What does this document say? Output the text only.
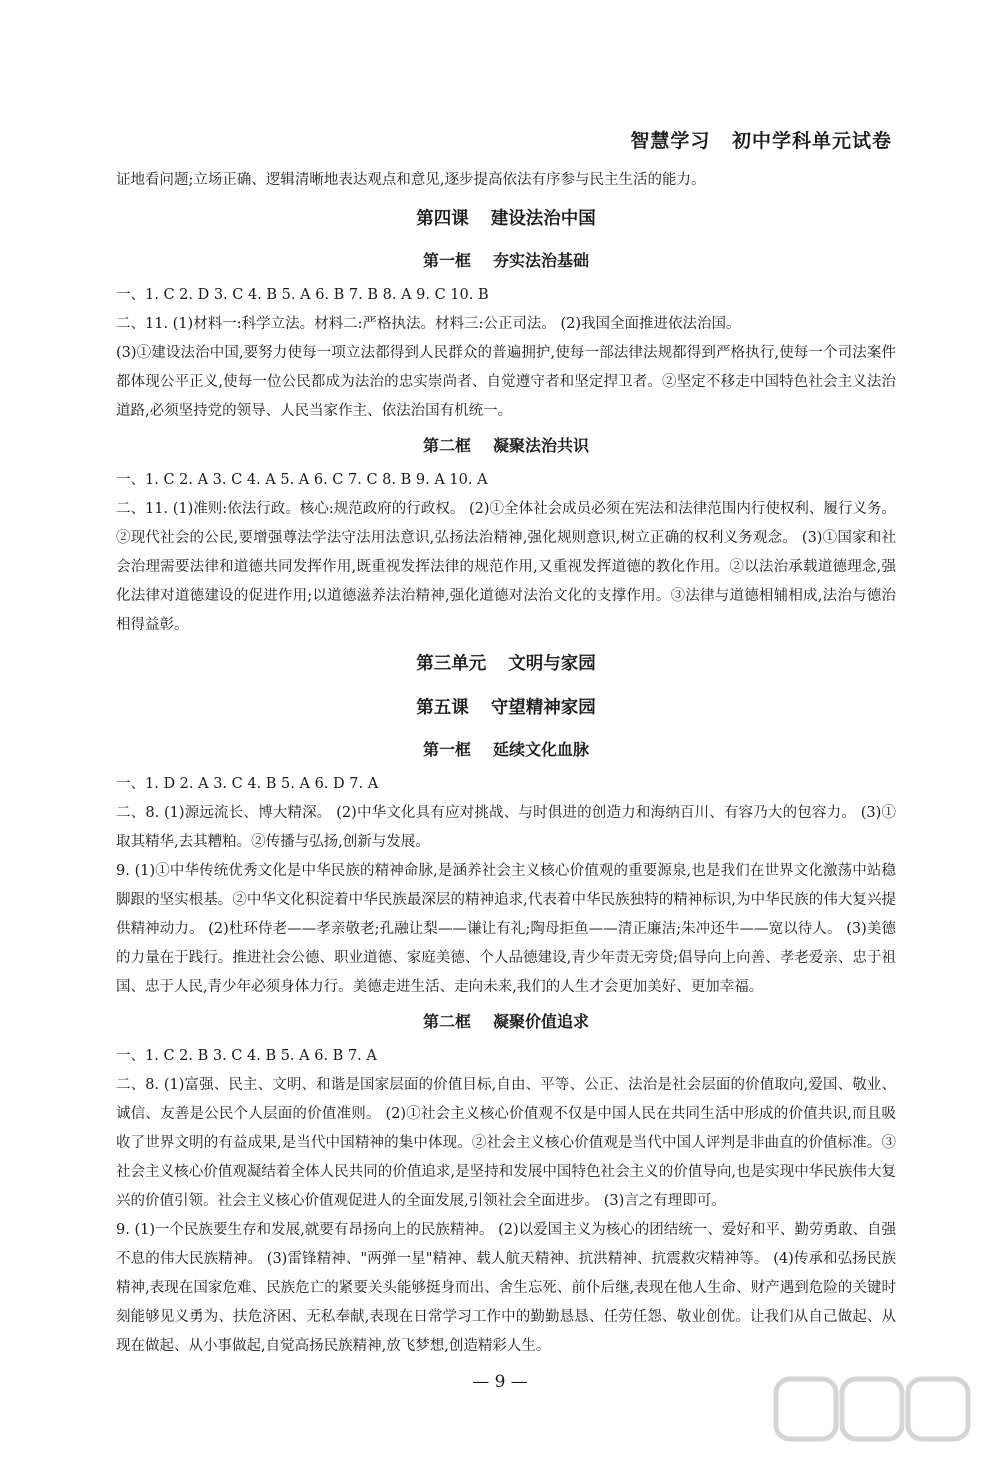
智慧学习 初中学科单元试卷

证地看问题;立场正确、逻辑清晰地表达观点和意见,逐步提高依法有序参与民主生活的能力。

第四课 建设法治中国
第一框 夯实法治基础

一、1. C 2. D 3. C 4. B 5. A 6. B 7. B 8. A 9. C 10. B

二、11. (1)材料一:科学立法。材料二:严格执法。材料三:公正司法。 (2)我国全面推进依法治国。

(3)①建设法治中国,要努力使每一项立法都得到人民群众的普遍拥护,使每一部法律法规都得到严格执行,使每一个司法案件都体现公平正义,使每一位公民都成为法治的忠实崇尚者、自觉遵守者和坚定捍卫者。②坚定不移走中国特色社会主义法治道路,必须坚持党的领导、人民当家作主、依法治国有机统一。

第二框 凝聚法治共识

一、1. C 2. A 3. C 4. A 5. A 6. C 7. C 8. B 9. A 10. A

二、11. (1)准则:依法行政。核心:规范政府的行政权。 (2)①全体社会成员必须在宪法和法律范围内行使权利、履行义务。②现代社会的公民,要增强尊法学法守法用法意识,弘扬法治精神,强化规则意识,树立正确的权利义务观念。 (3)①国家和社会治理需要法律和道德共同发挥作用,既重视发挥法律的规范作用,又重视发挥道德的教化作用。②以法治承载道德理念,强化法律对道德建设的促进作用;以道德滋养法治精神,强化道德对法治文化的支撑作用。③法律与道德相辅相成,法治与德治相得益彰。

第三单元 文明与家园
第五课 守望精神家园
第一框 延续文化血脉

一、1. D 2. A 3. C 4. B 5. A 6. D 7. A

二、8. (1)源远流长、博大精深。 (2)中华文化具有应对挑战、与时俱进的创造力和海纳百川、有容乃大的包容力。 (3)①取其精华,去其糟粕。②传播与弘扬,创新与发展。

9. (1)①中华传统优秀文化是中华民族的精神命脉,是涵养社会主义核心价值观的重要源泉,也是我们在世界文化激荡中站稳脚跟的坚实根基。②中华文化积淀着中华民族最深层的精神追求,代表着中华民族独特的精神标识,为中华民族的伟大复兴提供精神动力。 (2)杜环侍老——孝亲敬老;孔融让梨——谦让有礼;陶母拒鱼——清正廉洁;朱冲还牛——宽以待人。 (3)美德的力量在于践行。推进社会公德、职业道德、家庭美德、个人品德建设,青少年责无旁贷;倡导向上向善、孝老爱亲、忠于祖国、忠于人民,青少年必须身体力行。美德走进生活、走向未来,我们的人生才会更加美好、更加幸福。

第二框 凝聚价值追求

一、1. C 2. B 3. C 4. B 5. A 6. B 7. A

二、8. (1)富强、民主、文明、和谐是国家层面的价值目标,自由、平等、公正、法治是社会层面的价值取向,爱国、敬业、诚信、友善是公民个人层面的价值准则。 (2)①社会主义核心价值观不仅是中国人民在共同生活中形成的价值共识,而且吸收了世界文明的有益成果,是当代中国精神的集中体现。②社会主义核心价值观是当代中国人评判是非曲直的价值标准。③社会主义核心价值观凝结着全体人民共同的价值追求,是坚持和发展中国特色社会主义的价值导向,也是实现中华民族伟大复兴的价值引领。社会主义核心价值观促进人的全面发展,引领社会全面进步。 (3)言之有理即可。

9. (1)一个民族要生存和发展,就要有昂扬向上的民族精神。 (2)以爱国主义为核心的团结统一、爱好和平、勤劳勇敢、自强不息的伟大民族精神。 (3)雷锋精神、"两弹一星"精神、载人航天精神、抗洪精神、抗震救灾精神等。 (4)传承和弘扬民族精神,表现在国家危难、民族危亡的紧要关头能够挺身而出、舍生忘死、前仆后继,表现在他人生命、财产遇到危险的关键时刻能够见义勇为、扶危济困、无私奉献,表现在日常学习工作中的勤勤恳恳、任劳任怨、敬业创优。让我们从自己做起、从现在做起、从小事做起,自觉高扬民族精神,放飞梦想,创造精彩人生。

— 9 —
